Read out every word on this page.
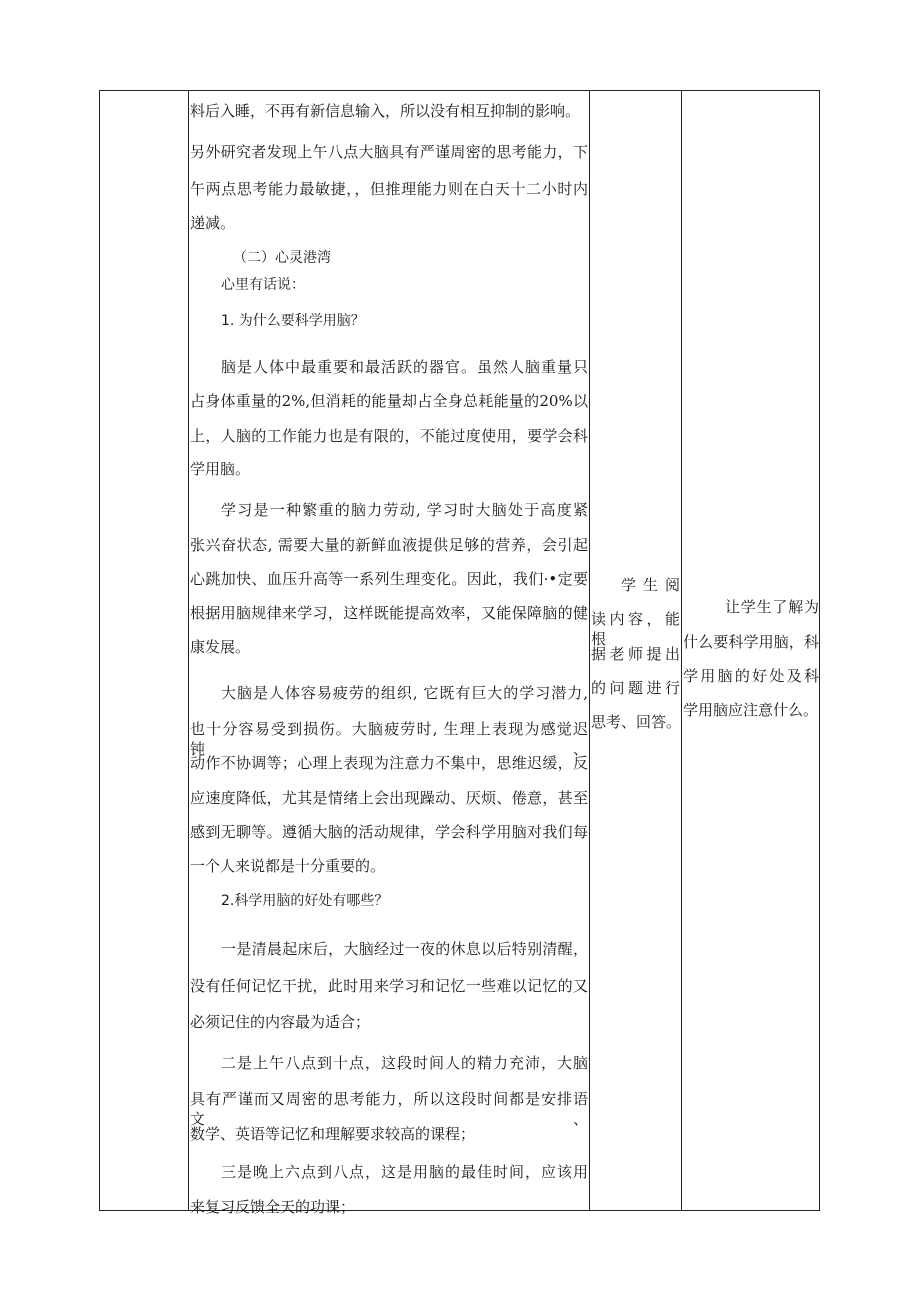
料后入睡，不再有新信息输入，所以没有相互抑制的影响。
另外研究者发现上午八点大脑具有严谨周密的思考能力，下
午两点思考能力最敏捷，，但推理能力则在白天十二小时内
递减。
（二）心灵港湾
心里有话说：
1. 为什么要科学用脑？
脑是人体中最重要和最活跃的器官。虽然人脑重量只
占身体重量的2%,但消耗的能量却占全身总耗能量的20%以
上，人脑的工作能力也是有限的，不能过度使用，要学会科
学用脑。
学习是一种繁重的脑力劳动, 学习时大脑处于高度紧
张兴奋状态, 需要大量的新鲜血液提供足够的营养，会引起
心跳加快、血压升高等一系列生理变化。因此，我们·•定要
根据用脑规律来学习，这样既能提高效率，又能保障脑的健
康发展。
大脑是人体容易疲劳的组织, 它既有巨大的学习潜力,
也十分容易受到损伤。大脑疲劳时, 生理上表现为感觉迟钝、
动作不协调等；心理上表现为注意力不集中，思维迟缓，反
应速度降低，尤其是情绪上会出现躁动、厌烦、倦意，甚至
感到无聊等。遵循大脑的活动规律，学会科学用脑对我们每
一个人来说都是十分重要的。
2.科学用脑的好处有哪些？
一是清晨起床后，大脑经过一夜的休息以后特别清醒，
没有任何记忆干扰，此时用来学习和记忆一些难以记忆的又
必须记住的内容最为适合；
二是上午八点到十点，这段时间人的精力充沛，大脑
具有严谨而又周密的思考能力，所以这段时间都是安排语文、
数学、英语等记忆和理解要求较高的课程；
三是晚上六点到八点，这是用脑的最佳时间，应该用
来复习反馈全天的功课；
学生阅
读内容，能根
据老师提出
的问题进行
思考、回答。
让学生了解为
什么要科学用脑，科
学用脑的好处及科
学用脑应注意什么。
